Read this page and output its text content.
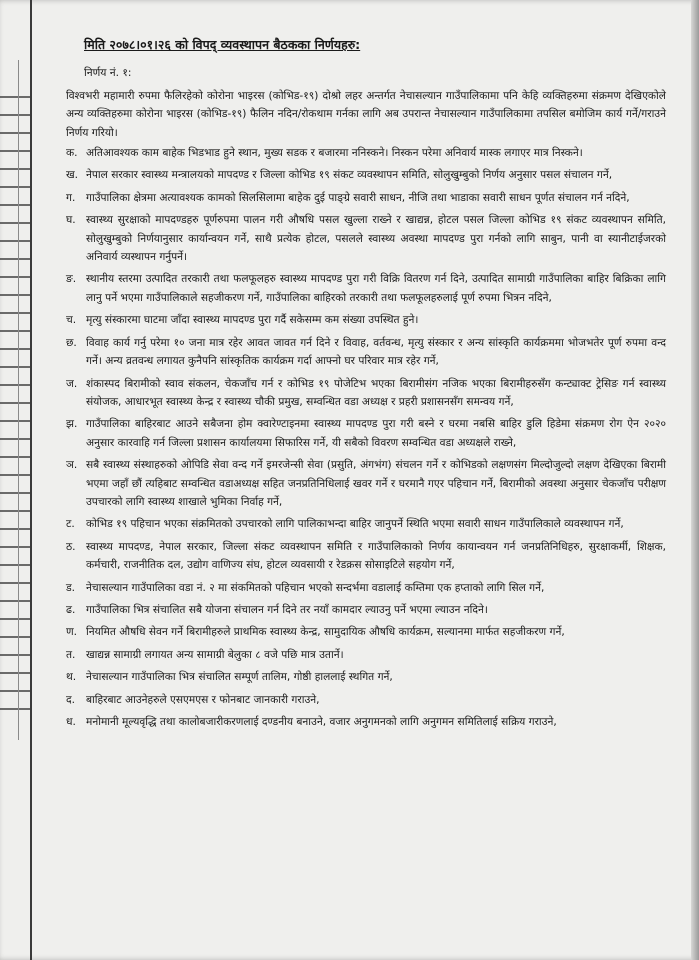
मिति २०७८।०१।२६ को विपद् व्यवस्थापन बैठकका निर्णयहरु:
निर्णय नं. १:
विश्वभरी महामारी रुपमा फैलिरहेको कोरोना भाइरस (कोभिड-१९) दोश्रो लहर अन्तर्गत नेचासल्यान गाउँपालिकामा पनि केहि व्यक्तिहरुमा संक्रमण देखिएकोले अन्य व्यक्तिहरुमा कोरोना भाइरस (कोभिड-१९) फैलिन नदिन/रोकथाम गर्नका लागि अब उपरान्त नेचासल्यान गाउँपालिकामा तपसिल बमोजिम कार्य गर्ने/गराउने निर्णय गरियो।
क. अतिआवश्यक काम बाहेक भिडभाड हुने स्थान, मुख्य सडक र बजारमा ननिस्कने। निस्कन परेमा अनिवार्य मास्क लगाएर मात्र निस्कने।
ख. नेपाल सरकार स्वास्थ्य मन्त्रालयको मापदण्ड र जिल्ला कोभिड १९ संकट व्यवस्थापन समिति, सोलुखुम्बुको निर्णय अनुसार पसल संचालन गर्ने,
ग.	गाउँपालिका क्षेत्रमा अत्यावश्यक कामको सिलसिलामा बाहेक दुई पाङ्ग्रे सवारी साधन, नीजि तथा भाडाका सवारी साधन पूर्णत संचालन गर्न नदिने,
घ. स्वास्थ्य सुरक्षाको मापदण्डहरु पूर्णरुपमा पालन गरी औषधि पसल खुल्ला राख्ने र खाद्यन्न, होटल पसल जिल्ला कोभिड १९ संकट व्यवस्थापन समिति, सोलुखुम्बुको निर्णयानुसार कार्यान्वयन गर्ने, साथै प्रत्येक होटल, पसलले स्वास्थ्य अवस्था मापदण्ड पुरा गर्नको लागि साबुन, पानी वा स्यानीटाईजरको अनिवार्य व्यस्थापन गर्नुपर्ने।
ङ. स्थानीय स्तरमा उत्पादित तरकारी तथा फलफूलहरु स्वास्थ्य मापदण्ड पुरा गरी विक्रि वितरण गर्न दिने, उत्पादित सामाग्री गाउँपालिका बाहिर बिक्रिका लागि लानु पर्ने भएमा गाउँपालिकाले सहजीकरण गर्ने, गाउँपालिका बाहिरको तरकारी तथा फलफूलहरुलाई पूर्ण रुपमा भित्रन नदिने,
च. मृत्यु संस्कारमा घाटमा जाँदा स्वास्थ्य मापदण्ड पुरा गर्दै सकेसम्म कम संख्या उपस्थित हुने।
छ. विवाह कार्य गर्नु परेमा १० जना मात्र रहेर आवत जावत गर्न दिने र विवाह, वर्तवन्ध, मृत्यु संस्कार र अन्य सांस्कृति कार्यक्रममा भोजभतेर पूर्ण रुपमा वन्द गर्ने। अन्य व्रतवन्ध लगायत कुनैपनि सांस्कृतिक कार्यक्रम गर्दा आफ्नो घर परिवार मात्र रहेर गर्ने,
ज. शंकास्पद बिरामीको स्वाव संकलन, चेकजाँच गर्न र कोभिड १९ पोजेटिभ भएका बिरामीसंग नजिक भएका बिरामीहरुसँग कन्ट्याक्ट ट्रेसिङ गर्न स्वास्थ्य संयोजक, आधारभूत स्वास्थ्य केन्द्र र स्वास्थ्य चौकी प्रमुख, सम्वन्धित वडा अध्यक्ष र प्रहरी प्रशासनसँग समन्वय गर्ने,
झ. गाउँपालिका बाहिरबाट आउने सबैजना होम क्वारेण्टाइनमा स्वास्थ्य मापदण्ड पुरा गरी बस्ने र घरमा नबसि बाहिर डुलि हिडेमा संक्रमण रोग ऐन २०२० अनुसार कारवाहि गर्न जिल्ला प्रशासन कार्यालयमा सिफारिस गर्ने, यी सबैको विवरण सम्वन्धित वडा अध्यक्षले राख्ने,
ञ. सबै स्वास्थ्य संस्थाहरुको ओपिडि सेवा वन्द गर्ने इमरजेन्सी सेवा (प्रसुति, अंगभंग) संचलन गर्ने र कोभिडको लक्षणसंग मिल्दोजुल्दो लक्षण देखिएका बिरामी भएमा जहाँ छौं त्यहिबाट सम्वन्धित वडाअध्यक्ष सहित जनप्रतिनिधिलाई खवर गर्ने र घरमानै गएर पहिचान गर्ने, बिरामीको अवस्था अनुसार चेकजाँच परीक्षण उपचारको लागि स्वास्थ्य शाखाले भुमिका निर्वाह गर्ने,
ट.	कोभिड १९ पहिचान भएका संक्रमितको उपचारको लागि पालिकाभन्दा बाहिर जानुपर्ने स्थिति भएमा सवारी साधन गाउँपालिकाले व्यवस्थापन गर्ने,
ठ. स्वास्थ्य मापदण्ड, नेपाल सरकार, जिल्ला संकट व्यवस्थापन समिति र गाउँपालिकाको निर्णय कायान्वयन गर्न जनप्रतिनिधिहरु, सुरक्षाकर्मी, शिक्षक, कर्मचारी, राजनीतिक दल, उद्योग वाणिज्य संघ, होटल व्यवसायी र रेडक्रस सोसाइटिले सहयोग गर्ने,
ड.	नेचासल्यान गाउँपालिका वडा नं. २ मा संकमितको पहिचान भएको सन्दर्भमा वडालाई कम्तिमा एक हप्ताको लागि सिल गर्ने,
ढ.	गाउँपालिका भित्र संचालित सबै योजना संचालन गर्न दिने तर नयाँ कामदार ल्याउनु पर्ने भएमा ल्याउन नदिने।
ण. नियमित औषधि सेवन गर्ने बिरामीहरुले प्राथमिक स्वास्थ्य केन्द्र, सामुदायिक औषधि कार्यक्रम, सल्यानमा मार्फत सहजीकरण गर्ने,
त. खाद्यन्न सामाग्री लगायत अन्य सामाग्री बेलुका ८ वजे पछि मात्र उतार्ने।
थ. नेचासल्यान गाउँपालिका भित्र संचालित सम्पूर्ण तालिम, गोष्ठी हाललाई स्थगित गर्ने,
द.	बाहिरबाट आउनेहरुले एसएमएस र फोनबाट जानकारी गराउने,
ध. मनोमानी मूल्यवृद्धि तथा कालोबजारीकरणलाई दण्डनीय बनाउने, वजार अनुगमनको लागि अनुगमन समितिलाई सक्रिय गराउने,
